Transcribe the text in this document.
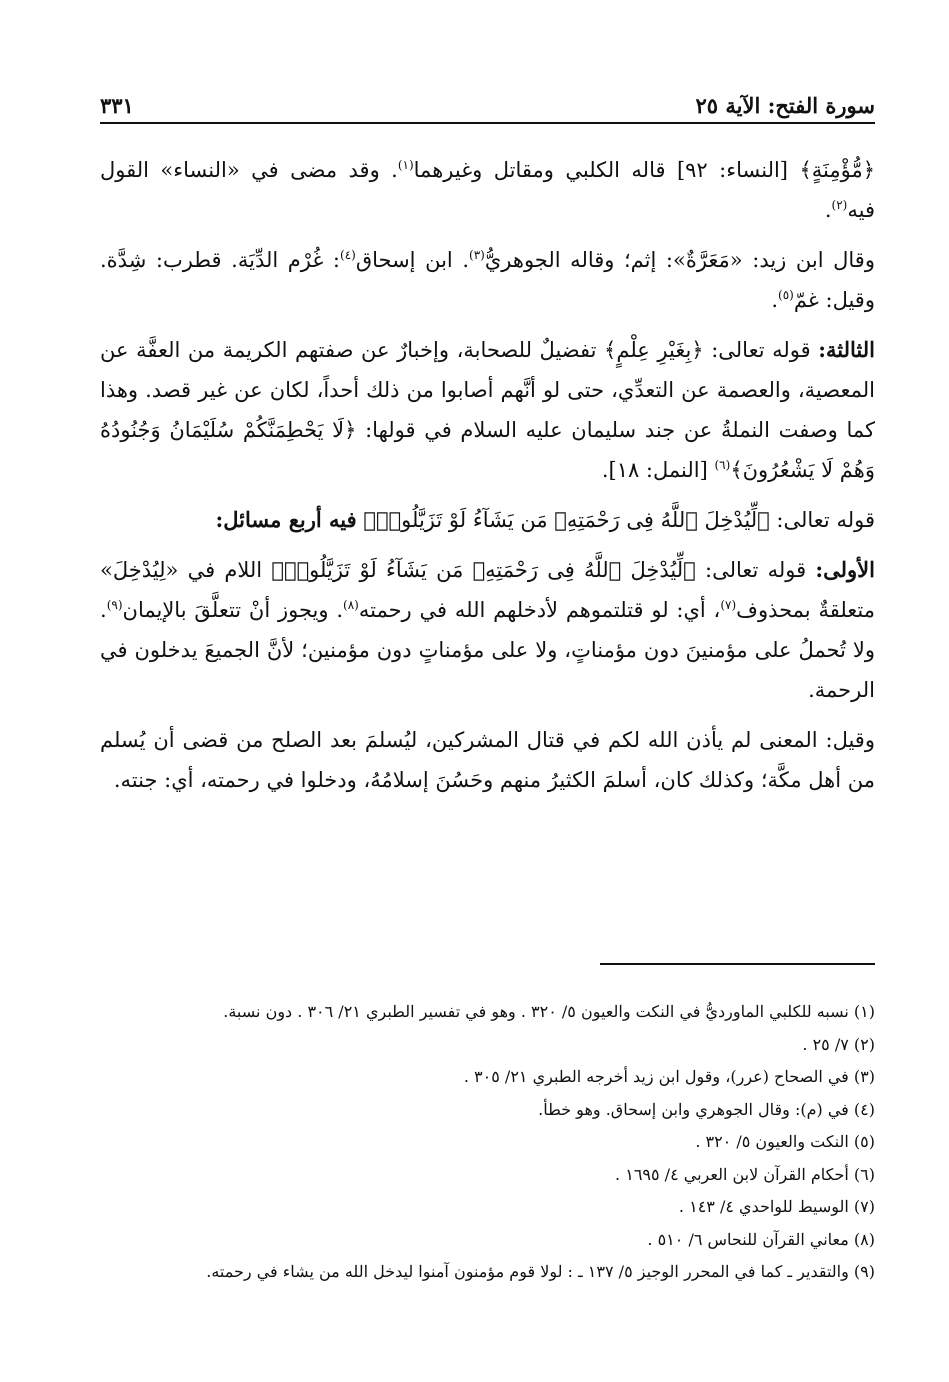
سورة الفتح: الآية ٢٥
٣٣١

﴿مُّؤْمِنَةٍ﴾ [النساء: ٩٢] قاله الكلبي ومقاتل وغيرهما$^{(١)}$. وقد مضى في «النساء» القول فيه$^{(٢)}$.

وقال ابن زيد: «مَعَرَّةٌ»: إثم؛ وقاله الجوهريُّ$^{(٣)}$. ابن إسحاق$^{(٤)}$: غُرْم الدِّيَة. قطرب: شِدَّة. وقيل: غمّ$^{(٥)}$.

الثالثة: قوله تعالى: ﴿بِغَيْرِ عِلْمٍ﴾ تفضيلٌ للصحابة، وإخبارٌ عن صفتهم الكريمة من العفَّة عن المعصية، والعصمة عن التعدِّي، حتى لو أنَّهم أصابوا من ذلك أحداً، لكان عن غير قصد. وهذا كما وصفت النملةُ عن جند سليمان عليه السلام في قولها: ﴿لَا يَحْطِمَنَّكُمْ سُلَيْمَانُ وَجُنُودُهُ وَهُمْ لَا يَشْعُرُونَ﴾$^{(٦)}$ [النمل: ١٨].

قوله تعالى: ﴿لِّيُدْخِلَ ٱللَّهُ فِى رَحْمَتِهِۦ مَن يَشَآءُ لَوْ تَزَيَّلُوا۟﴾ فيه أربع مسائل:

الأولى: قوله تعالى: ﴿لِّيُدْخِلَ ٱللَّهُ فِى رَحْمَتِهِۦ مَن يَشَآءُ لَوْ تَزَيَّلُوا۟﴾ اللام في «لِيُدْخِلَ» متعلقةٌ بمحذوف$^{(٧)}$، أي: لو قتلتموهم لأدخلهم الله في رحمته$^{(٨)}$. ويجوز أنْ تتعلَّقَ بالإيمان$^{(٩)}$. ولا تُحملُ على مؤمنينَ دون مؤمناتٍ، ولا على مؤمناتٍ دون مؤمنين؛ لأنَّ الجميعَ يدخلون في الرحمة.

وقيل: المعنى لم يأذن الله لكم في قتال المشركين، ليُسلمَ بعد الصلح من قضى أن يُسلم من أهل مكَّة؛ وكذلك كان، أسلمَ الكثيرُ منهم وحَسُنَ إسلامُهُ، ودخلوا في رحمته، أي: جنته.

(١) نسبه للكلبي الماورديُّ في النكت والعيون ٥/ ٣٢٠ . وهو في تفسير الطبري ٢١/ ٣٠٦ . دون نسبة.
(٢) ٧/ ٢٥ .
(٣) في الصحاح (عرر)، وقول ابن زيد أخرجه الطبري ٢١/ ٣٠٥ .
(٤) في (م): وقال الجوهري وابن إسحاق. وهو خطأ.
(٥) النكت والعيون ٥/ ٣٢٠ .
(٦) أحكام القرآن لابن العربي ٤/ ١٦٩٥ .
(٧) الوسيط للواحدي ٤/ ١٤٣ .
(٨) معاني القرآن للنحاس ٦/ ٥١٠ .
(٩) والتقدير ـ كما في المحرر الوجيز ٥/ ١٣٧ ـ : لولا قوم مؤمنون آمنوا ليدخل الله من يشاء في رحمته.
